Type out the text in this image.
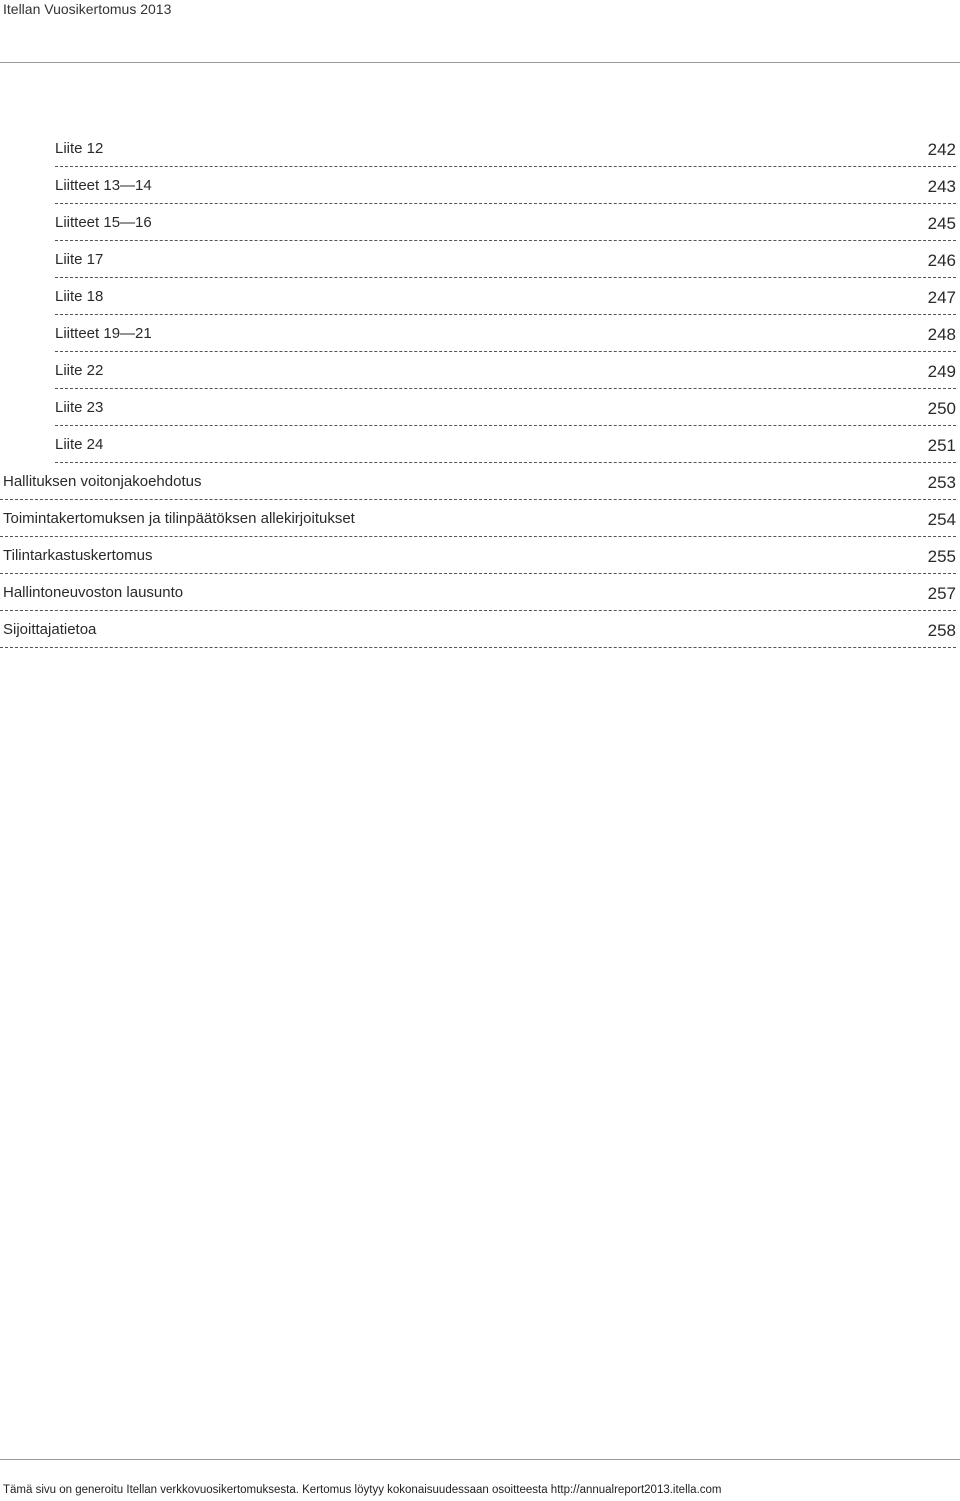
Itellan Vuosikertomus 2013
Liite 12	242
Liitteet 13—14	243
Liitteet 15—16	245
Liite 17	246
Liite 18	247
Liitteet 19—21	248
Liite 22	249
Liite 23	250
Liite 24	251
Hallituksen voitonjakoehdotus	253
Toimintakertomuksen ja tilinpäätöksen allekirjoitukset	254
Tilintarkastuskertomus	255
Hallintoneuvoston lausunto	257
Sijoittajatietoa	258
Tämä sivu on generoitu Itellan verkkovuosikertomuksesta. Kertomus löytyy kokonaisuudessaan osoitteesta http://annualreport2013.itella.com
